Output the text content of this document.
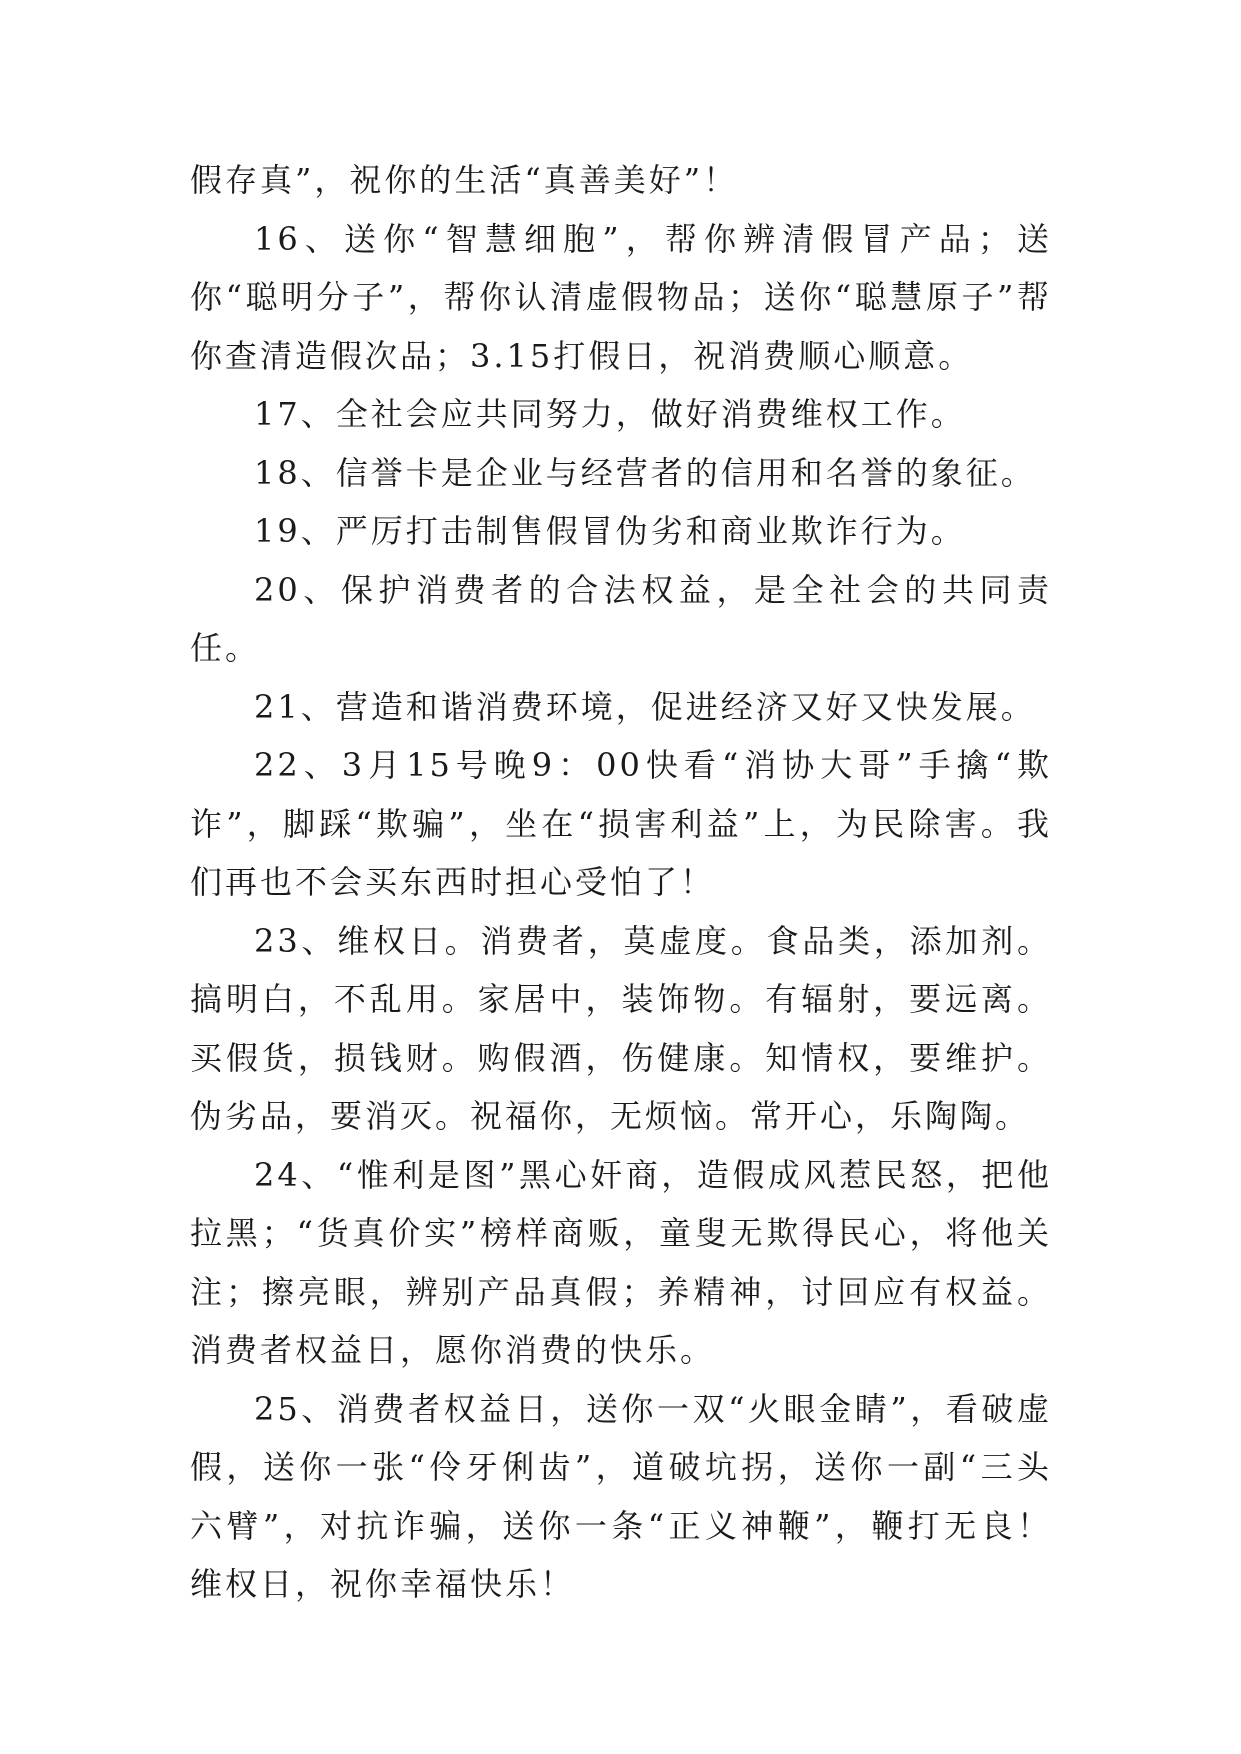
假存真”，祝你的生活“真善美好”！

16、送你“智慧细胞”，帮你辨清假冒产品；送你“聪明分子”，帮你认清虚假物品；送你“聪慧原子”帮你查清造假次品；3.15打假日，祝消费顺心顺意。

17、全社会应共同努力，做好消费维权工作。

18、信誉卡是企业与经营者的信用和名誉的象征。

19、严厉打击制售假冒伪劣和商业欺诈行为。

20、保护消费者的合法权益，是全社会的共同责任。

21、营造和谐消费环境，促进经济又好又快发展。

22、3月15号晚9：00快看“消协大哥”手擒“欺诈”，脚踩“欺骗”，坐在“损害利益”上，为民除害。我们再也不会买东西时担心受怕了！

23、维权日。消费者，莫虚度。食品类，添加剂。搞明白，不乱用。家居中，装饰物。有辐射，要远离。买假货，损钱财。购假酒，伤健康。知情权，要维护。伪劣品，要消灭。祝福你，无烦恼。常开心，乐陶陶。

24、“惟利是图”黑心奸商，造假成风惹民怒，把他拉黑；“货真价实”榜样商贩，童叟无欺得民心，将他关注；擦亮眼，辨别产品真假；养精神，讨回应有权益。消费者权益日，愿你消费的快乐。

25、消费者权益日，送你一双“火眼金睛”，看破虚假，送你一张“伶牙俐齿”，道破坑拐，送你一副“三头六臂”，对抗诈骗，送你一条“正义神鞭”，鞭打无良！维权日，祝你幸福快乐！
